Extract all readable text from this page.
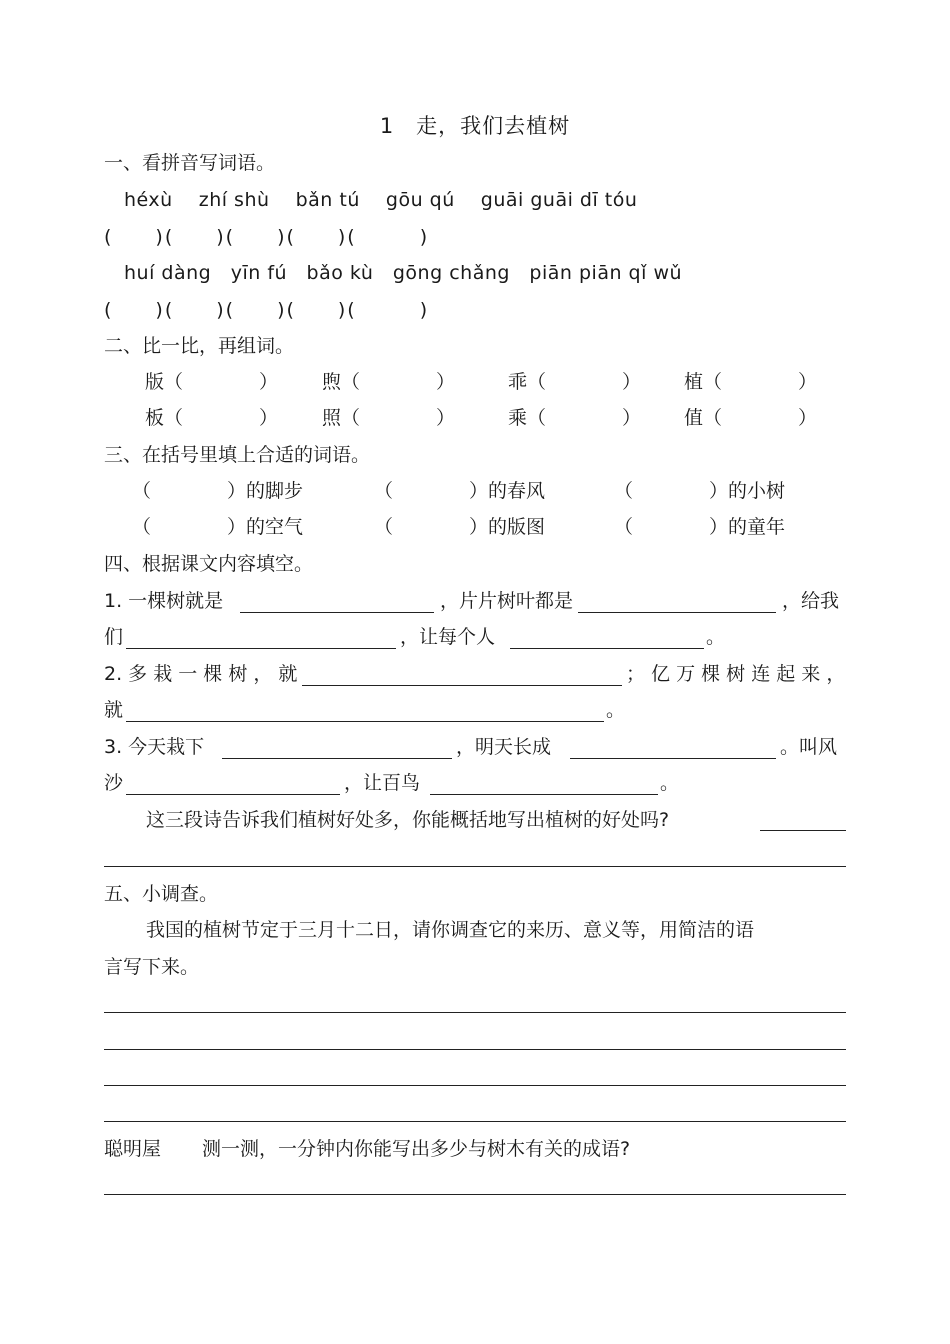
1　走，我们去植树
一、看拼音写词语。
héxù　 zhí shù　 bǎn tú　 gōu qú　 guāi guāi dī tóu
(　　)(　　)(　　)(　　)(　　　)
huí dàng　yīn fú　bǎo kù　gōng chǎng　piān piān qǐ wǔ
(　　)(　　)(　　)(　　)(　　　)
二、比一比，再组词。
版（　　　　） 煦（　　　　）	乖（　　　　） 植（　　　　）
板（　　　　） 照（　　　　）	乘（　　　　） 值（　　　　）
三、在括号里填上合适的词语。
（　　　　）的脚步	（　　　　）的春风	（　　　　）的小树
（　　　　）的空气	（　　　　）的版图	（　　　　）的童年
四、根据课文内容填空。
1. 一棵树就是	，片片树叶都是	，给我
们	，让每个人	。
2. 多 栽 一 棵 树 ， 就	； 亿 万 棵 树 连 起 来 ，
就	。
3. 今天栽下	，明天长成	。叫风
沙	，让百鸟	。
这三段诗告诉我们植树好处多，你能概括地写出植树的好处吗?
五、小调查。
我国的植树节定于三月十二日，请你调查它的来历、意义等，用简洁的语
言写下来。
聪明屋 测一测，一分钟内你能写出多少与树木有关的成语?
